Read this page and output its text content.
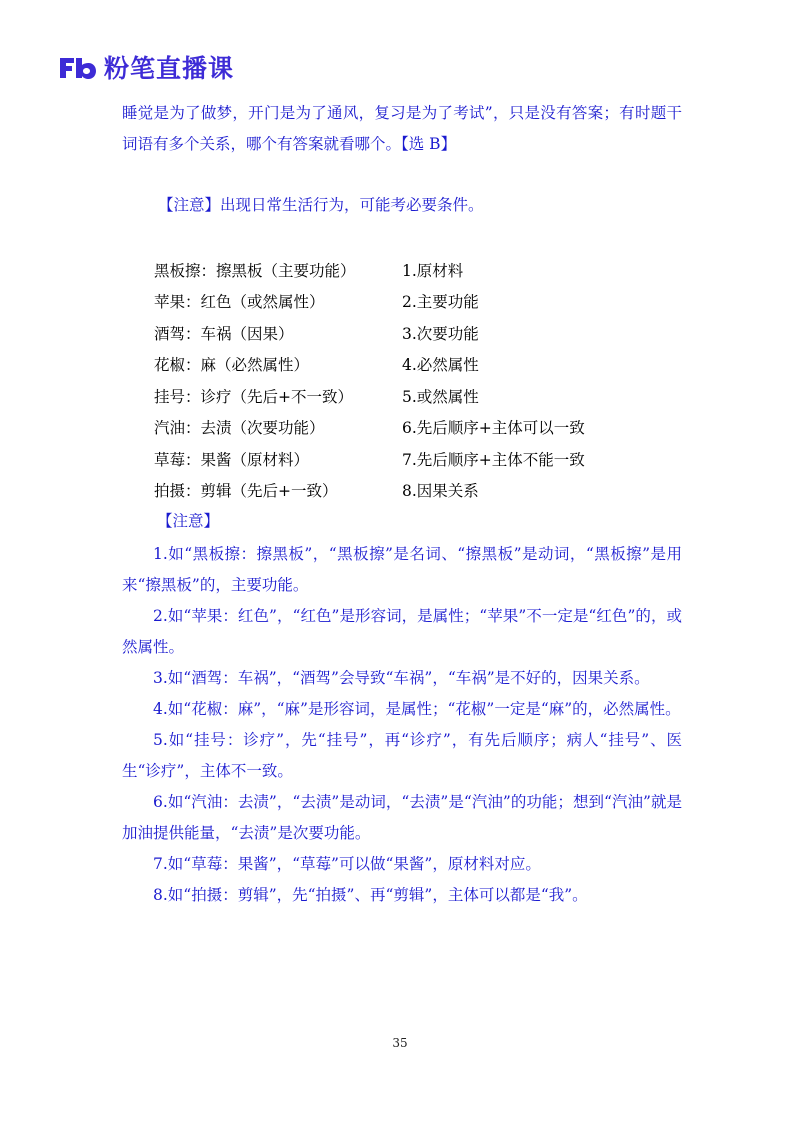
粉笔直播课
睡觉是为了做梦，开门是为了通风，复习是为了考试”，只是没有答案；有时题干词语有多个关系，哪个有答案就看哪个。【选 B】
【注意】出现日常生活行为，可能考必要条件。
黑板擦：擦黑板（主要功能）	1.原材料
苹果：红色（或然属性）	2.主要功能
酒驾：车祸（因果）	3.次要功能
花椒：麻（必然属性）	4.必然属性
挂号：诊疗（先后+不一致）	5.或然属性
汽油：去渍（次要功能）	6.先后顺序+主体可以一致
草莓：果酱（原材料）	7.先后顺序+主体不能一致
拍摄：剪辑（先后+一致）	8.因果关系
【注意】
1.如“黑板擦：擦黑板”，“黑板擦”是名词、“擦黑板”是动词，“黑板擦”是用来“擦黑板”的，主要功能。
2.如“苹果：红色”，“红色”是形容词，是属性；“苹果”不一定是“红色”的，或然属性。
3.如“酒驾：车祸”，“酒驾”会导致“车祸”，“车祸”是不好的，因果关系。
4.如“花椒：麻”，“麻”是形容词，是属性；“花椒”一定是“麻”的，必然属性。
5.如“挂号：诊疗”，先“挂号”，再“诊疗”，有先后顺序；病人“挂号”、医生“诊疗”，主体不一致。
6.如“汽油：去渍”，“去渍”是动词，“去渍”是“汽油”的功能；想到“汽油”就是加油提供能量，“去渍”是次要功能。
7.如“草莓：果酱”，“草莓”可以做“果酱”，原材料对应。
8.如“拍摄：剪辑”，先“拍摄”、再“剪辑”，主体可以都是“我”。
35
